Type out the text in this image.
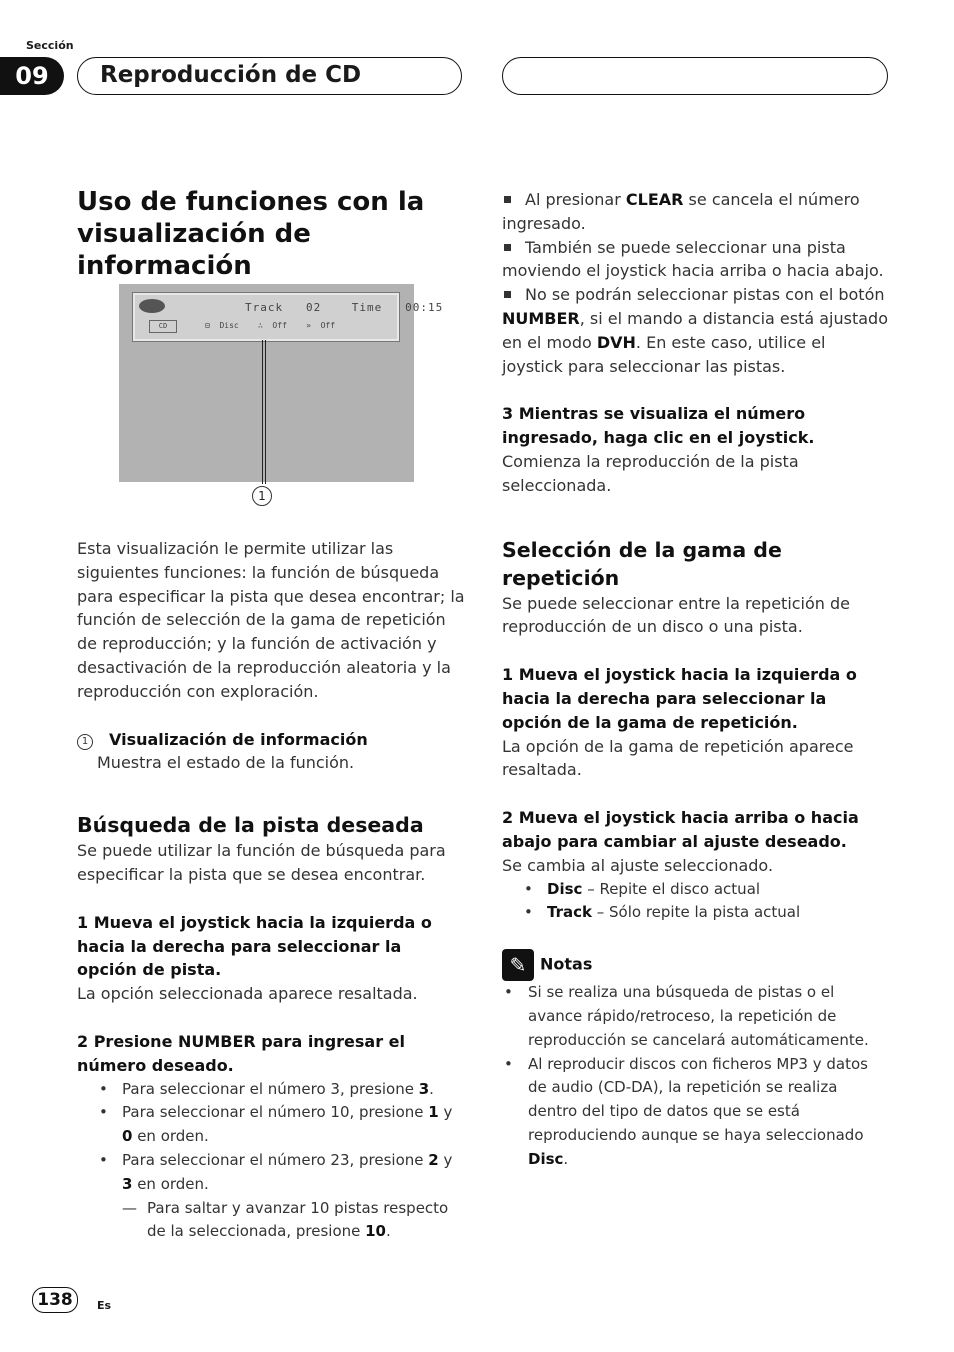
Sección
09	Reproducción de CD
Uso de funciones con la visualización de información
Track   02    Time   00:15
CD	⊟  Disc    ∴  Off    »  Off
1

Esta visualización le permite utilizar las siguientes funciones: la función de búsqueda para especificar la pista que desea encontrar; la función de selección de la gama de repetición de reproducción; y la función de activación y desactivación de la reproducción aleatoria y la reproducción con exploración.

1 Visualización de información

Muestra el estado de la función.

Búsqueda de la pista deseada

Se puede utilizar la función de búsqueda para especificar la pista que se desea encontrar.

1 Mueva el joystick hacia la izquierda o hacia la derecha para seleccionar la opción de pista.

La opción seleccionada aparece resaltada.

2 Presione NUMBER para ingresar el número deseado.

• Para seleccionar el número 3, presione 3.
• Para seleccionar el número 10, presione 1 y 0 en orden.
• Para seleccionar el número 23, presione 2 y 3 en orden.

— Para saltar y avanzar 10 pistas respecto de la seleccionada, presione 10.

Al presionar CLEAR se cancela el número ingresado.
También se puede seleccionar una pista moviendo el joystick hacia arriba o hacia abajo.
No se podrán seleccionar pistas con el botón NUMBER, si el mando a distancia está ajustado en el modo DVH. En este caso, utilice el joystick para seleccionar las pistas.

3 Mientras se visualiza el número ingresado, haga clic en el joystick.

Comienza la reproducción de la pista seleccionada.

Selección de la gama de repetición

Se puede seleccionar entre la repetición de reproducción de un disco o una pista.

1 Mueva el joystick hacia la izquierda o hacia la derecha para seleccionar la opción de la gama de repetición.

La opción de la gama de repetición aparece resaltada.

2 Mueva el joystick hacia arriba o hacia abajo para cambiar al ajuste deseado.

Se cambia al ajuste seleccionado.

• Disc – Repite el disco actual
• Track – Sólo repite la pista actual

✎ Notas

• Si se realiza una búsqueda de pistas o el avance rápido/retroceso, la repetición de reproducción se cancelará automáticamente.
• Al reproducir discos con ficheros MP3 y datos de audio (CD-DA), la repetición se realiza dentro del tipo de datos que se está reproduciendo aunque se haya seleccionado Disc.
138	Es
